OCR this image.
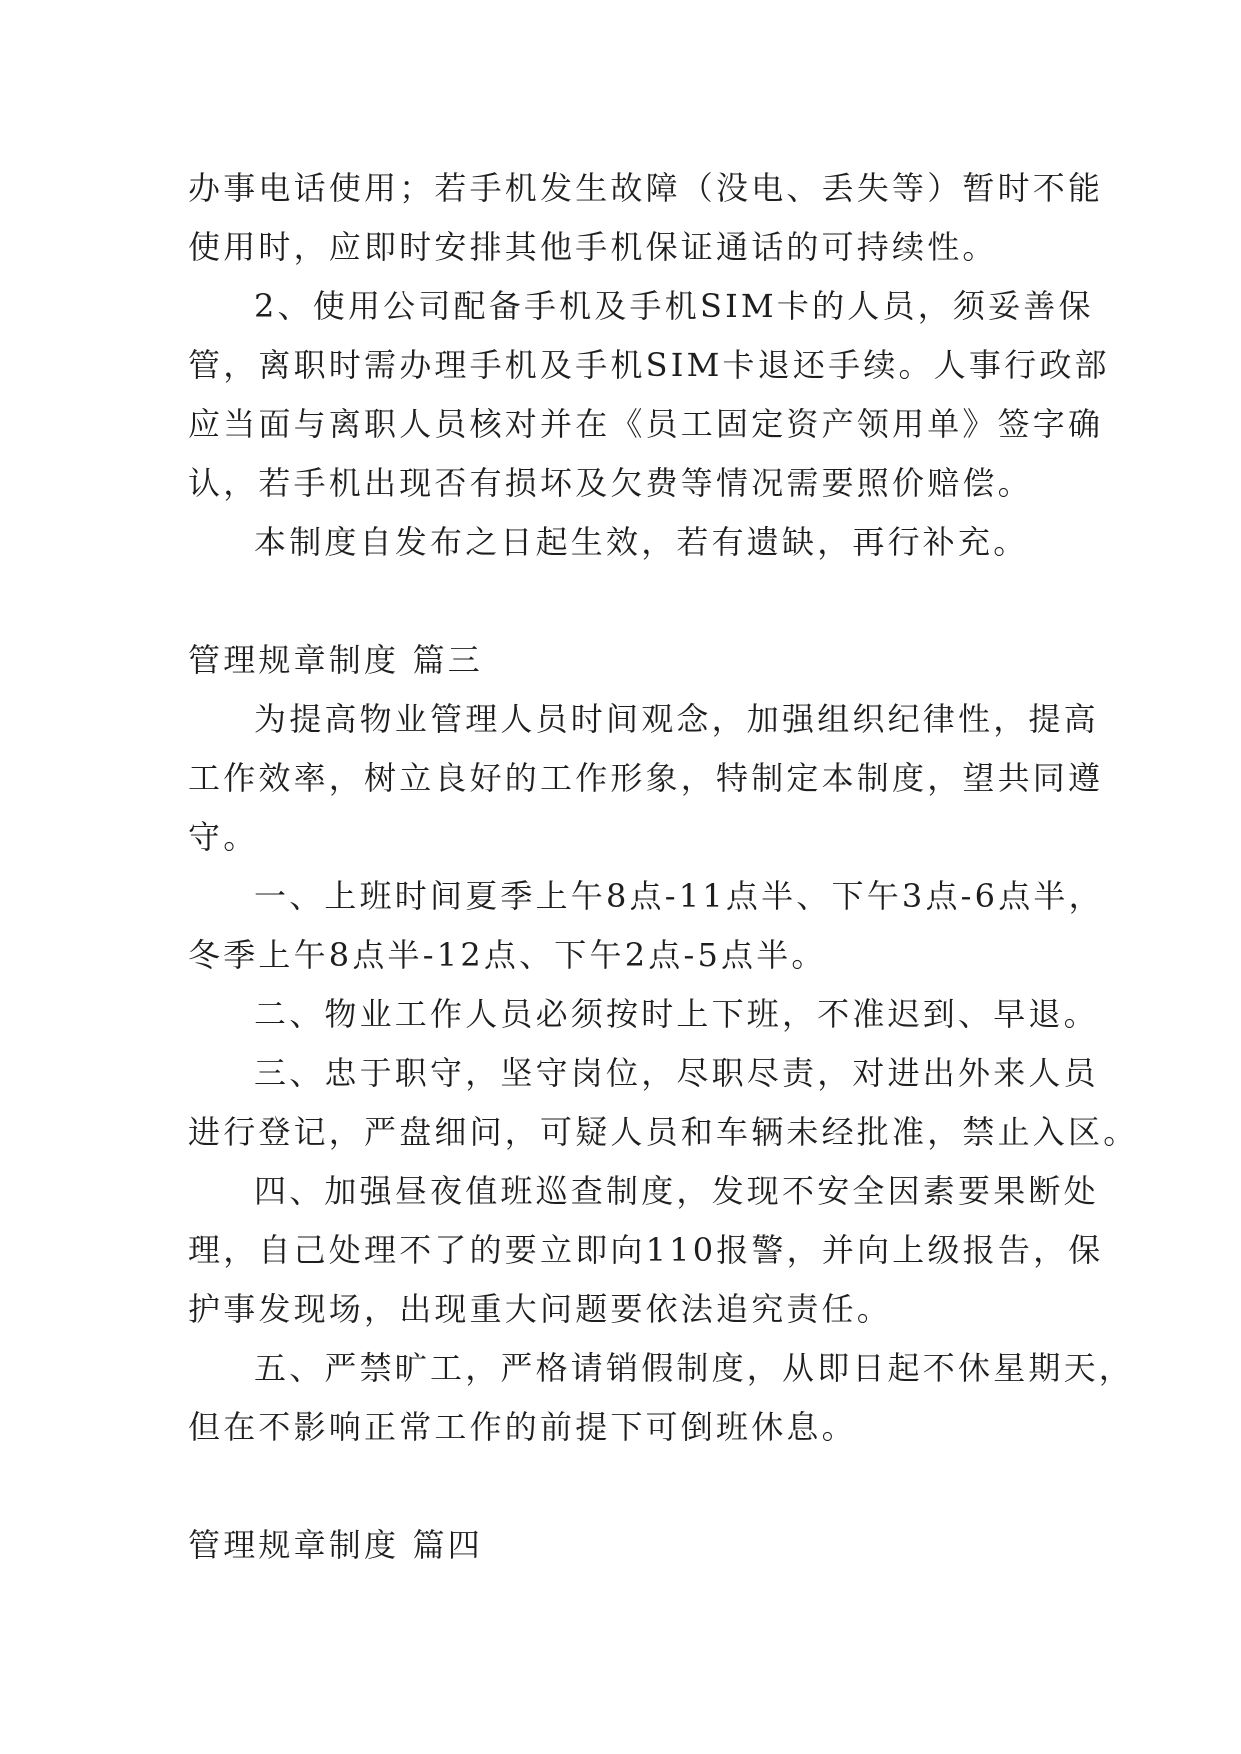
办事电话使用；若手机发生故障（没电、丢失等）暂时不能
使用时，应即时安排其他手机保证通话的可持续性。
2、使用公司配备手机及手机SIM卡的人员，须妥善保
管，离职时需办理手机及手机SIM卡退还手续。人事行政部
应当面与离职人员核对并在《员工固定资产领用单》签字确
认，若手机出现否有损坏及欠费等情况需要照价赔偿。
本制度自发布之日起生效，若有遗缺，再行补充。
管理规章制度 篇三
为提高物业管理人员时间观念，加强组织纪律性，提高
工作效率，树立良好的工作形象，特制定本制度，望共同遵
守。
一、上班时间夏季上午8点-11点半、下午3点-6点半，
冬季上午8点半-12点、下午2点-5点半。
二、物业工作人员必须按时上下班，不准迟到、早退。
三、忠于职守，坚守岗位，尽职尽责，对进出外来人员
进行登记，严盘细问，可疑人员和车辆未经批准，禁止入区。
四、加强昼夜值班巡查制度，发现不安全因素要果断处
理，自己处理不了的要立即向110报警，并向上级报告，保
护事发现场，出现重大问题要依法追究责任。
五、严禁旷工，严格请销假制度，从即日起不休星期天，
但在不影响正常工作的前提下可倒班休息。
管理规章制度 篇四
